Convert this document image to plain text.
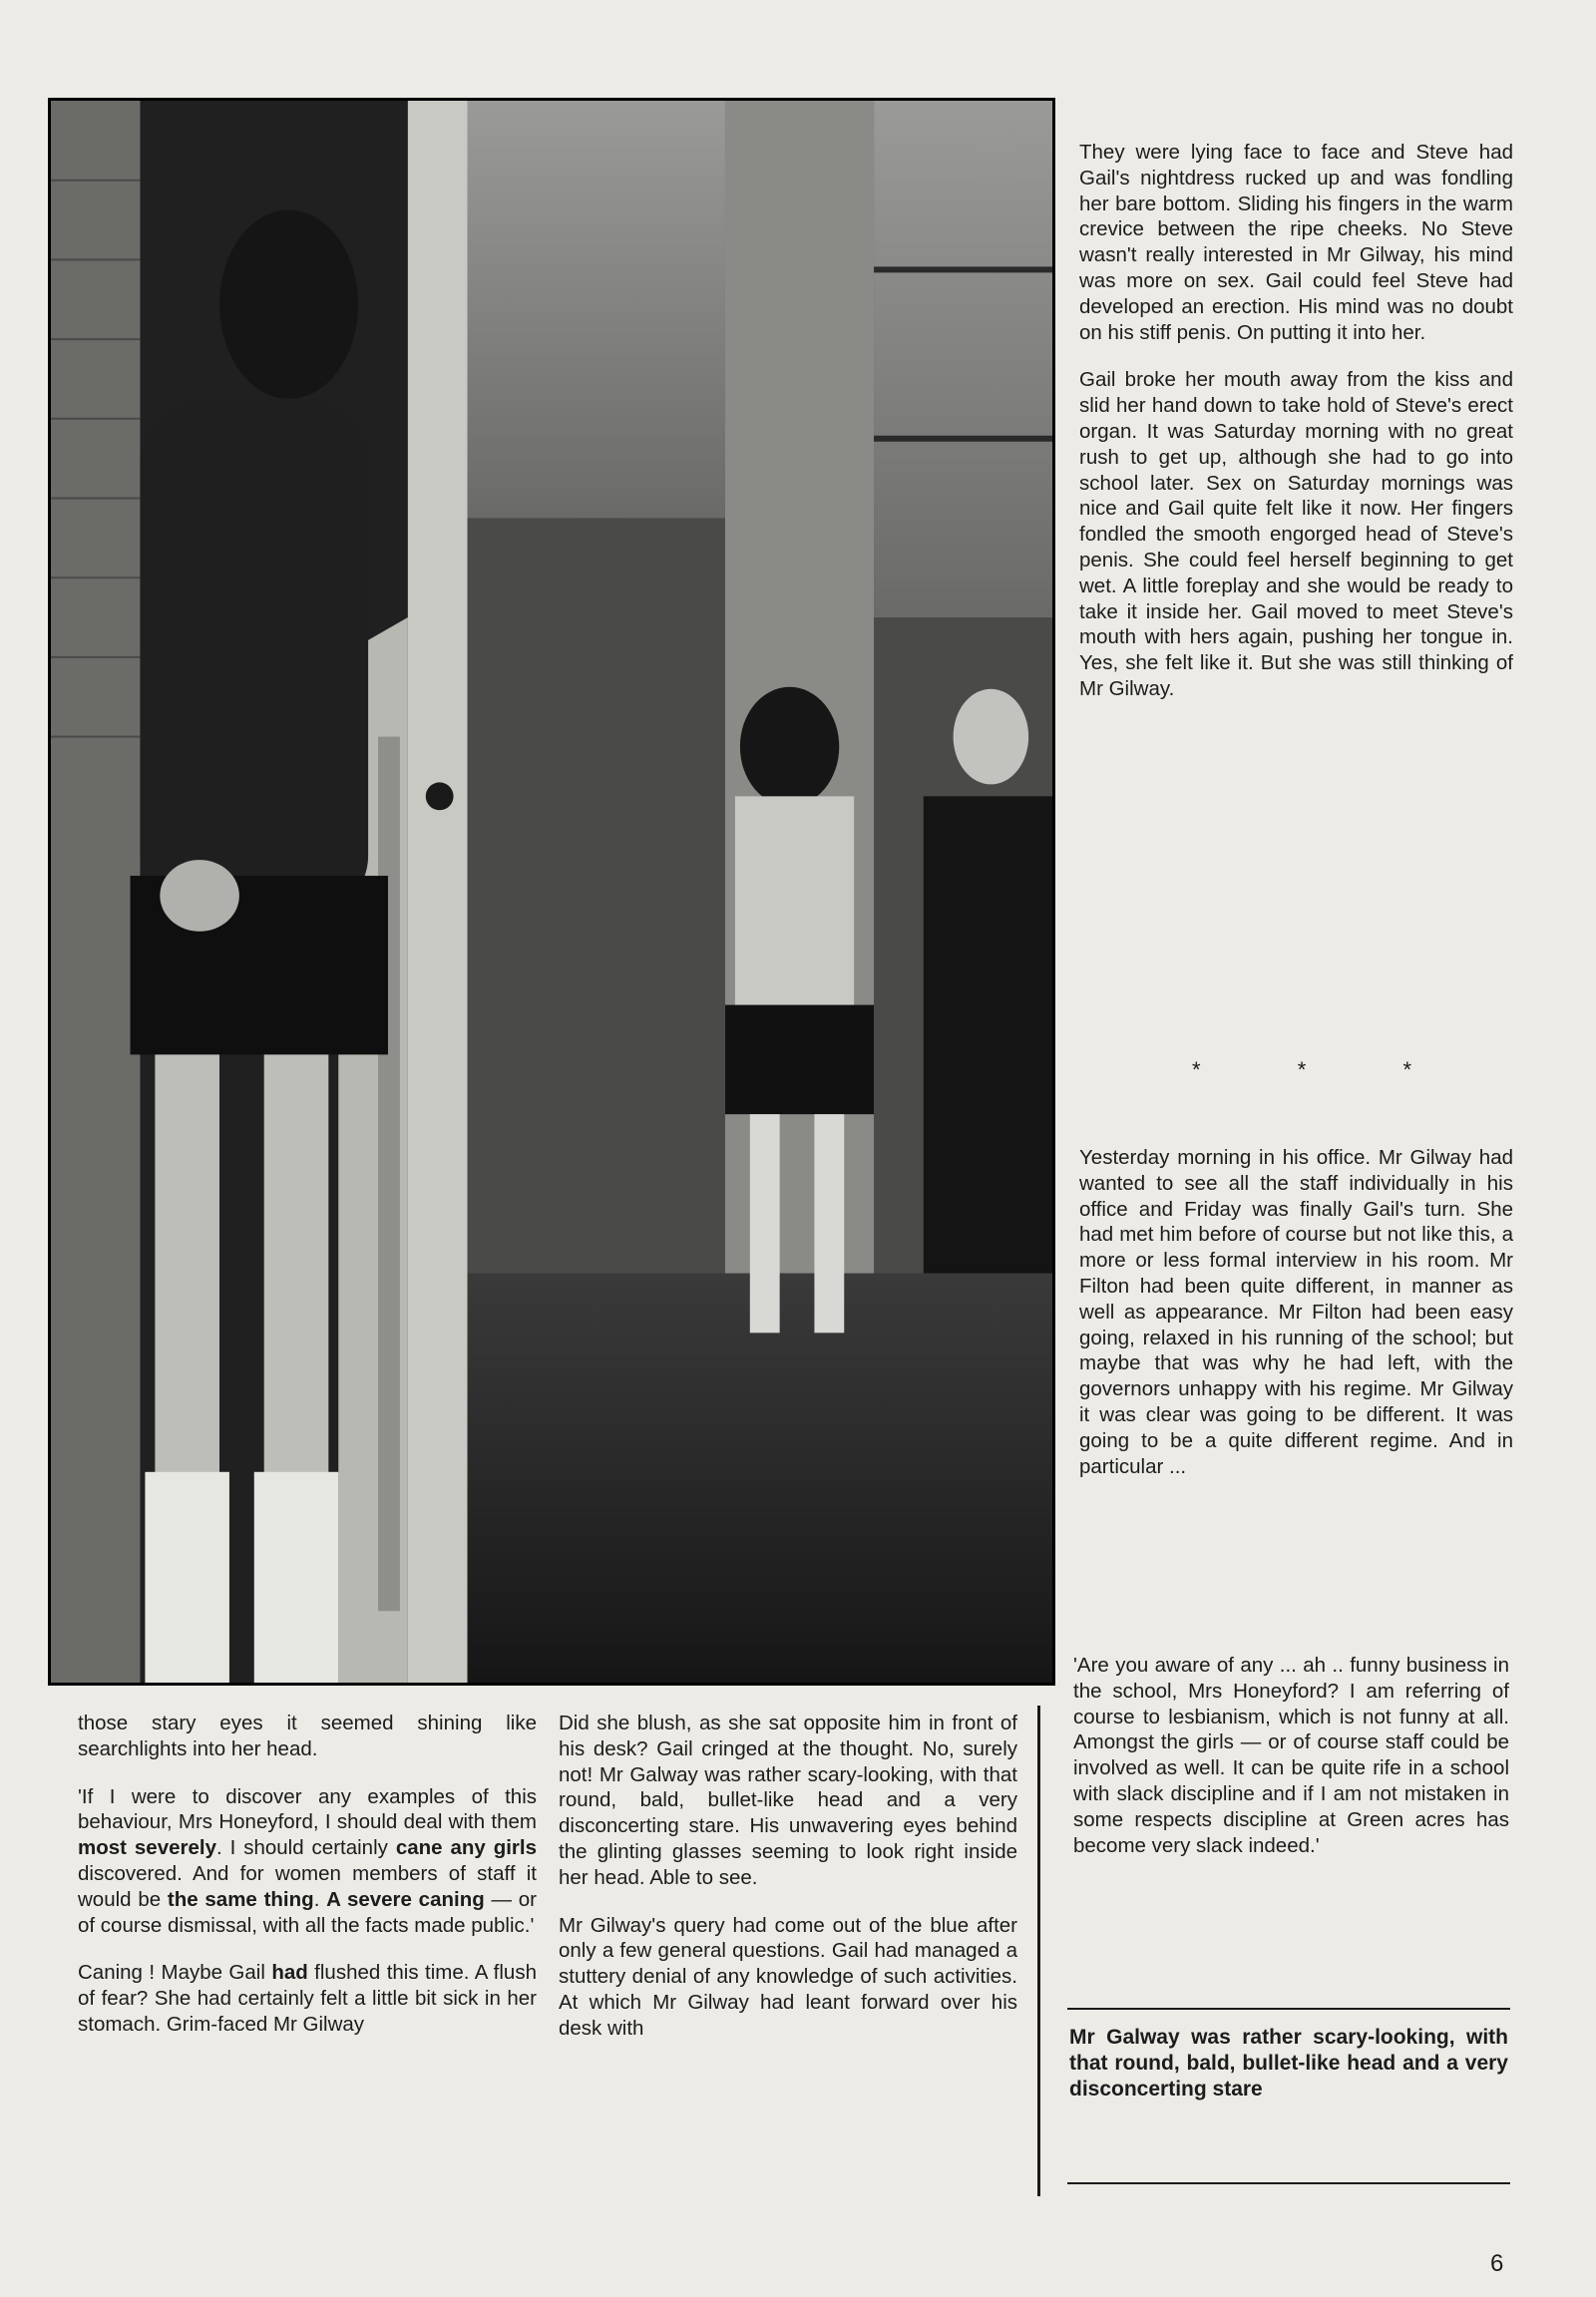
They were lying face to face and Steve had Gail's nightdress rucked up and was fondling her bare bottom. Sliding his fingers in the warm crevice between the ripe cheeks. No Steve wasn't really interested in Mr Gilway, his mind was more on sex. Gail could feel Steve had developed an erection. His mind was no doubt on his stiff penis. On putting it into her.

Gail broke her mouth away from the kiss and slid her hand down to take hold of Steve's erect organ. It was Saturday morning with no great rush to get up, although she had to go into school later. Sex on Saturday mornings was nice and Gail quite felt like it now. Her fingers fondled the smooth engorged head of Steve's penis. She could feel herself beginning to get wet. A little foreplay and she would be ready to take it inside her. Gail moved to meet Steve's mouth with hers again, pushing her tongue in. Yes, she felt like it. But she was still thinking of Mr Gilway.

*	*	*

Yesterday morning in his office. Mr Gilway had wanted to see all the staff individually in his office and Friday was finally Gail's turn. She had met him before of course but not like this, a more or less formal interview in his room. Mr Filton had been quite different, in manner as well as appearance. Mr Filton had been easy going, relaxed in his running of the school; but maybe that was why he had left, with the governors unhappy with his regime. Mr Gilway it was clear was going to be different. It was going to be a quite different regime. And in particular ...

'Are you aware of any ... ah .. funny business in the school, Mrs Honeyford? I am referring of course to lesbianism, which is not funny at all. Amongst the girls — or of course staff could be involved as well. It can be quite rife in a school with slack discipline and if I am not mistaken in some respects discipline at Green acres has become very slack indeed.'

Mr Galway was rather scary-looking, with that round, bald, bullet-like head and a very disconcerting stare

Did she blush, as she sat opposite him in front of his desk? Gail cringed at the thought. No, surely not! Mr Galway was rather scary-looking, with that round, bald, bullet-like head and a very disconcerting stare. His unwavering eyes behind the glinting glasses seeming to look right inside her head. Able to see.

Mr Gilway's query had come out of the blue after only a few general questions. Gail had managed a stuttery denial of any knowledge of such activities. At which Mr Gilway had leant forward over his desk with

those stary eyes it seemed shining like searchlights into her head.

'If I were to discover any examples of this behaviour, Mrs Honeyford, I should deal with them most severely. I should certainly cane any girls discovered. And for women members of staff it would be the same thing. A severe caning — or of course dismissal, with all the facts made public.'

Caning ! Maybe Gail had flushed this time. A flush of fear? She had certainly felt a little bit sick in her stomach. Grim-faced Mr Gilway

6
